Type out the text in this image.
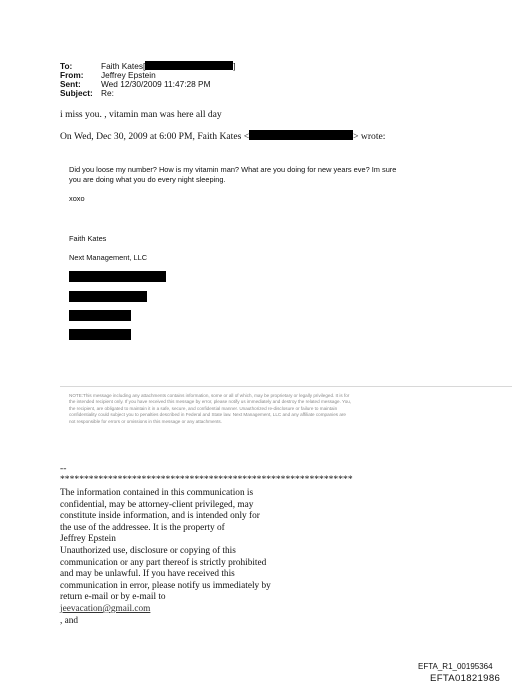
To:	Faith Kates[	]
From: Jeffrey Epstein
Sent: Wed 12/30/2009 11:47:28 PM
Subject: Re:
i miss you. , vitamin man was here all day
On Wed, Dec 30, 2009 at 6:00 PM, Faith Kates <	> wrote:
Did you loose my number? How is my vitamin man? What are you doing for new years eve? Im sure
you are doing what you do every night sleeping.
xoxo
Faith Kates
Next Management, LLC
NOTE:This message including any attachments contains information, some or all of which, may be proprietary or legally privileged. It is for
the intended recipient only. If you have received this message by error, please notify us immediately and destroy the related message. You,
the recipient, are obligated to maintain it in a safe, secure, and confidential manner. Unauthorized re-disclosure or failure to maintain
confidentiality could subject you to penalties described in Federal and State law. Next Management, LLC and any affiliate companies are
not responsible for errors or omissions in this message or any attachments.
--
*************************************************************
The information contained in this communication is
confidential, may be attorney-client privileged, may
constitute inside information, and is intended only for
the use of the addressee. It is the property of
Jeffrey Epstein
Unauthorized use, disclosure or copying of this
communication or any part thereof is strictly prohibited
and may be unlawful. If you have received this
communication in error, please notify us immediately by
return e-mail or by e-mail to
jeevacation@gmail.com
, and
EFTA_R1_00195364
EFTA01821986
